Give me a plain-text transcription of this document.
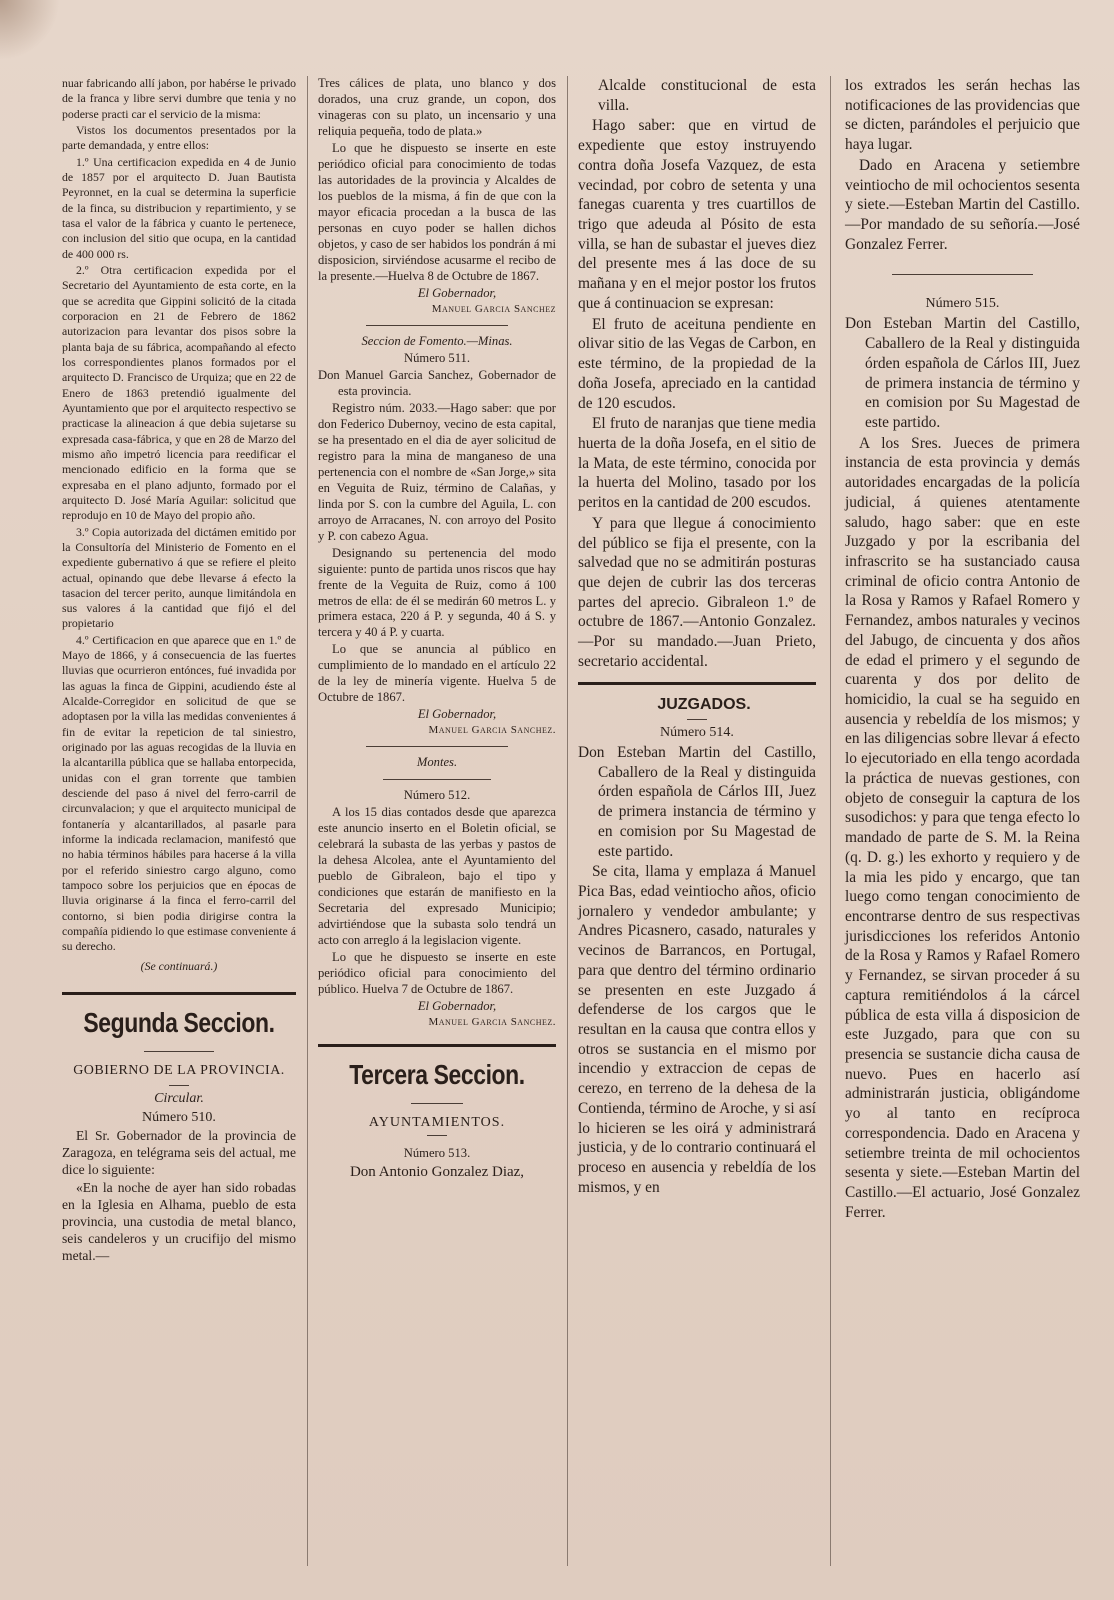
nuar fabricando allí jabon, por habérse le privado de la franca y libre servi dumbre que tenia y no poderse practi car el servicio de la misma:

Vistos los documentos presentados por la parte demandada, y entre ellos:

1.º Una certificacion expedida en 4 de Junio de 1857 por el arquitecto D. Juan Bautista Peyronnet, en la cual se determina la superficie de la finca, su distribucion y repartimiento, y se tasa el valor de la fábrica y cuanto le pertenece, con inclusion del sitio que ocupa, en la cantidad de 400 000 rs.

2.º Otra certificacion expedida por el Secretario del Ayuntamiento de esta corte, en la que se acredita que Gippini solicitó de la citada corporacion en 21 de Febrero de 1862 autorizacion para levantar dos pisos sobre la planta baja de su fábrica, acompañando al efecto los correspondientes planos formados por el arquitecto D. Francisco de Urquiza; que en 22 de Enero de 1863 pretendió igualmente del Ayuntamiento que por el arquitecto respectivo se practicase la alineacion á que debia sujetarse su expresada casa-fábrica, y que en 28 de Marzo del mismo año impetró licencia para reedificar el mencionado edificio en la forma que se expresaba en el plano adjunto, formado por el arquitecto D. José María Aguilar: solicitud que reprodujo en 10 de Mayo del propio año.

3.º Copia autorizada del dictámen emitido por la Consultoría del Ministerio de Fomento en el expediente gubernativo á que se refiere el pleito actual, opinando que debe llevarse á efecto la tasacion del tercer perito, aunque limitándola en sus valores á la cantidad que fijó el del propietario

4.º Certificacion en que aparece que en 1.º de Mayo de 1866, y á consecuencia de las fuertes lluvias que ocurrieron entónces, fué invadida por las aguas la finca de Gippini, acudiendo éste al Alcalde-Corregidor en solicitud de que se adoptasen por la villa las medidas convenientes á fin de evitar la repeticion de tal siniestro, originado por las aguas recogidas de la lluvia en la alcantarilla pública que se hallaba entorpecida, unidas con el gran torrente que tambien desciende del paso á nivel del ferro-carril de circunvalacion; y que el arquitecto municipal de fontanería y alcantarillados, al pasarle para informe la indicada reclamacion, manifestó que no habia términos hábiles para hacerse á la villa por el referido siniestro cargo alguno, como tampoco sobre los perjuicios que en épocas de lluvia originarse á la finca el ferro-carril del contorno, si bien podia dirigirse contra la compañía pidiendo lo que estimase conveniente á su derecho.

(Se continuará.)

Segunda Seccion.

GOBIERNO DE LA PROVINCIA.

Circular.

Número 510.

El Sr. Gobernador de la provincia de Zaragoza, en telégrama seis del actual, me dice lo siguiente:

«En la noche de ayer han sido robadas en la Iglesia en Alhama, pueblo de esta provincia, una custodia de metal blanco, seis candeleros y un crucifijo del mismo metal.—

Tres cálices de plata, uno blanco y dos dorados, una cruz grande, un copon, dos vinageras con su plato, un incensario y una reliquia pequeña, todo de plata.»

Lo que he dispuesto se inserte en este periódico oficial para conocimiento de todas las autoridades de la provincia y Alcaldes de los pueblos de la misma, á fin de que con la mayor eficacia procedan a la busca de las personas en cuyo poder se hallen dichos objetos, y caso de ser habidos los pondrán á mi disposicion, sirviéndose acusarme el recibo de la presente.—Huelva 8 de Octubre de 1867.

El Gobernador,

Manuel Garcia Sanchez

Seccion de Fomento.—Minas.

Número 511.

Don Manuel Garcia Sanchez, Gobernador de esta provincia.

Registro núm. 2033.—Hago saber: que por don Federico Dubernoy, vecino de esta capital, se ha presentado en el dia de ayer solicitud de registro para la mina de manganeso de una pertenencia con el nombre de «San Jorge,» sita en Veguita de Ruiz, término de Calañas, y linda por S. con la cumbre del Aguila, L. con arroyo de Arracanes, N. con arroyo del Posito y P. con cabezo Agua.

Designando su pertenencia del modo siguiente: punto de partida unos riscos que hay frente de la Veguita de Ruiz, como á 100 metros de ella: de él se medirán 60 metros L. y primera estaca, 220 á P. y segunda, 40 á S. y tercera y 40 á P. y cuarta.

Lo que se anuncia al público en cumplimiento de lo mandado en el artículo 22 de la ley de minería vigente. Huelva 5 de Octubre de 1867.

El Gobernador,

Manuel Garcia Sanchez.

Montes.

Número 512.

A los 15 dias contados desde que aparezca este anuncio inserto en el Boletin oficial, se celebrará la subasta de las yerbas y pastos de la dehesa Alcolea, ante el Ayuntamiento del pueblo de Gibraleon, bajo el tipo y condiciones que estarán de manifiesto en la Secretaria del expresado Municipio; advirtiéndose que la subasta solo tendrá un acto con arreglo á la legislacion vigente.

Lo que he dispuesto se inserte en este periódico oficial para conocimiento del público. Huelva 7 de Octubre de 1867.

El Gobernador,

Manuel Garcia Sanchez.

Tercera Seccion.

AYUNTAMIENTOS.

Número 513.

Don Antonio Gonzalez Diaz,

Alcalde constitucional de esta villa.

Hago saber: que en virtud de expediente que estoy instruyendo contra doña Josefa Vazquez, de esta vecindad, por cobro de setenta y una fanegas cuarenta y tres cuartillos de trigo que adeuda al Pósito de esta villa, se han de subastar el jueves diez del presente mes á las doce de su mañana y en el mejor postor los frutos que á continuacion se expresan:

El fruto de aceituna pendiente en olivar sitio de las Vegas de Carbon, en este término, de la propiedad de la doña Josefa, apreciado en la cantidad de 120 escudos.

El fruto de naranjas que tiene media huerta de la doña Josefa, en el sitio de la Mata, de este término, conocida por la huerta del Molino, tasado por los peritos en la cantidad de 200 escudos.

Y para que llegue á conocimiento del público se fija el presente, con la salvedad que no se admitirán posturas que dejen de cubrir las dos terceras partes del aprecio. Gibraleon 1.º de octubre de 1867.—Antonio Gonzalez.—Por su mandado.—Juan Prieto, secretario accidental.

JUZGADOS.

Número 514.

Don Esteban Martin del Castillo, Caballero de la Real y distinguida órden española de Cárlos III, Juez de primera instancia de término y en comision por Su Magestad de este partido.

Se cita, llama y emplaza á Manuel Pica Bas, edad veintiocho años, oficio jornalero y vendedor ambulante; y Andres Picasnero, casado, naturales y vecinos de Barrancos, en Portugal, para que dentro del término ordinario se presenten en este Juzgado á defenderse de los cargos que le resultan en la causa que contra ellos y otros se sustancia en el mismo por incendio y extraccion de cepas de cerezo, en terreno de la dehesa de la Contienda, término de Aroche, y si así lo hicieren se les oirá y administrará justicia, y de lo contrario continuará el proceso en ausencia y rebeldía de los mismos, y en

los extrados les serán hechas las notificaciones de las providencias que se dicten, parándoles el perjuicio que haya lugar.

Dado en Aracena y setiembre veintiocho de mil ochocientos sesenta y siete.—Esteban Martin del Castillo.—Por mandado de su señoría.—José Gonzalez Ferrer.

Número 515.

Don Esteban Martin del Castillo, Caballero de la Real y distinguida órden española de Cárlos III, Juez de primera instancia de término y en comision por Su Magestad de este partido.

A los Sres. Jueces de primera instancia de esta provincia y demás autoridades encargadas de la policía judicial, á quienes atentamente saludo, hago saber: que en este Juzgado y por la escribania del infrascrito se ha sustanciado causa criminal de oficio contra Antonio de la Rosa y Ramos y Rafael Romero y Fernandez, ambos naturales y vecinos del Jabugo, de cincuenta y dos años de edad el primero y el segundo de cuarenta y dos por delito de homicidio, la cual se ha seguido en ausencia y rebeldía de los mismos; y en las diligencias sobre llevar á efecto lo ejecutoriado en ella tengo acordada la práctica de nuevas gestiones, con objeto de conseguir la captura de los susodichos: y para que tenga efecto lo mandado de parte de S. M. la Reina (q. D. g.) les exhorto y requiero y de la mia les pido y encargo, que tan luego como tengan conocimiento de encontrarse dentro de sus respectivas jurisdicciones los referidos Antonio de la Rosa y Ramos y Rafael Romero y Fernandez, se sirvan proceder á su captura remitiéndolos á la cárcel pública de esta villa á disposicion de este Juzgado, para que con su presencia se sustancie dicha causa de nuevo. Pues en hacerlo así administrarán justicia, obligándome yo al tanto en recíproca correspondencia. Dado en Aracena y setiembre treinta de mil ochocientos sesenta y siete.—Esteban Martin del Castillo.—El actuario, José Gonzalez Ferrer.
